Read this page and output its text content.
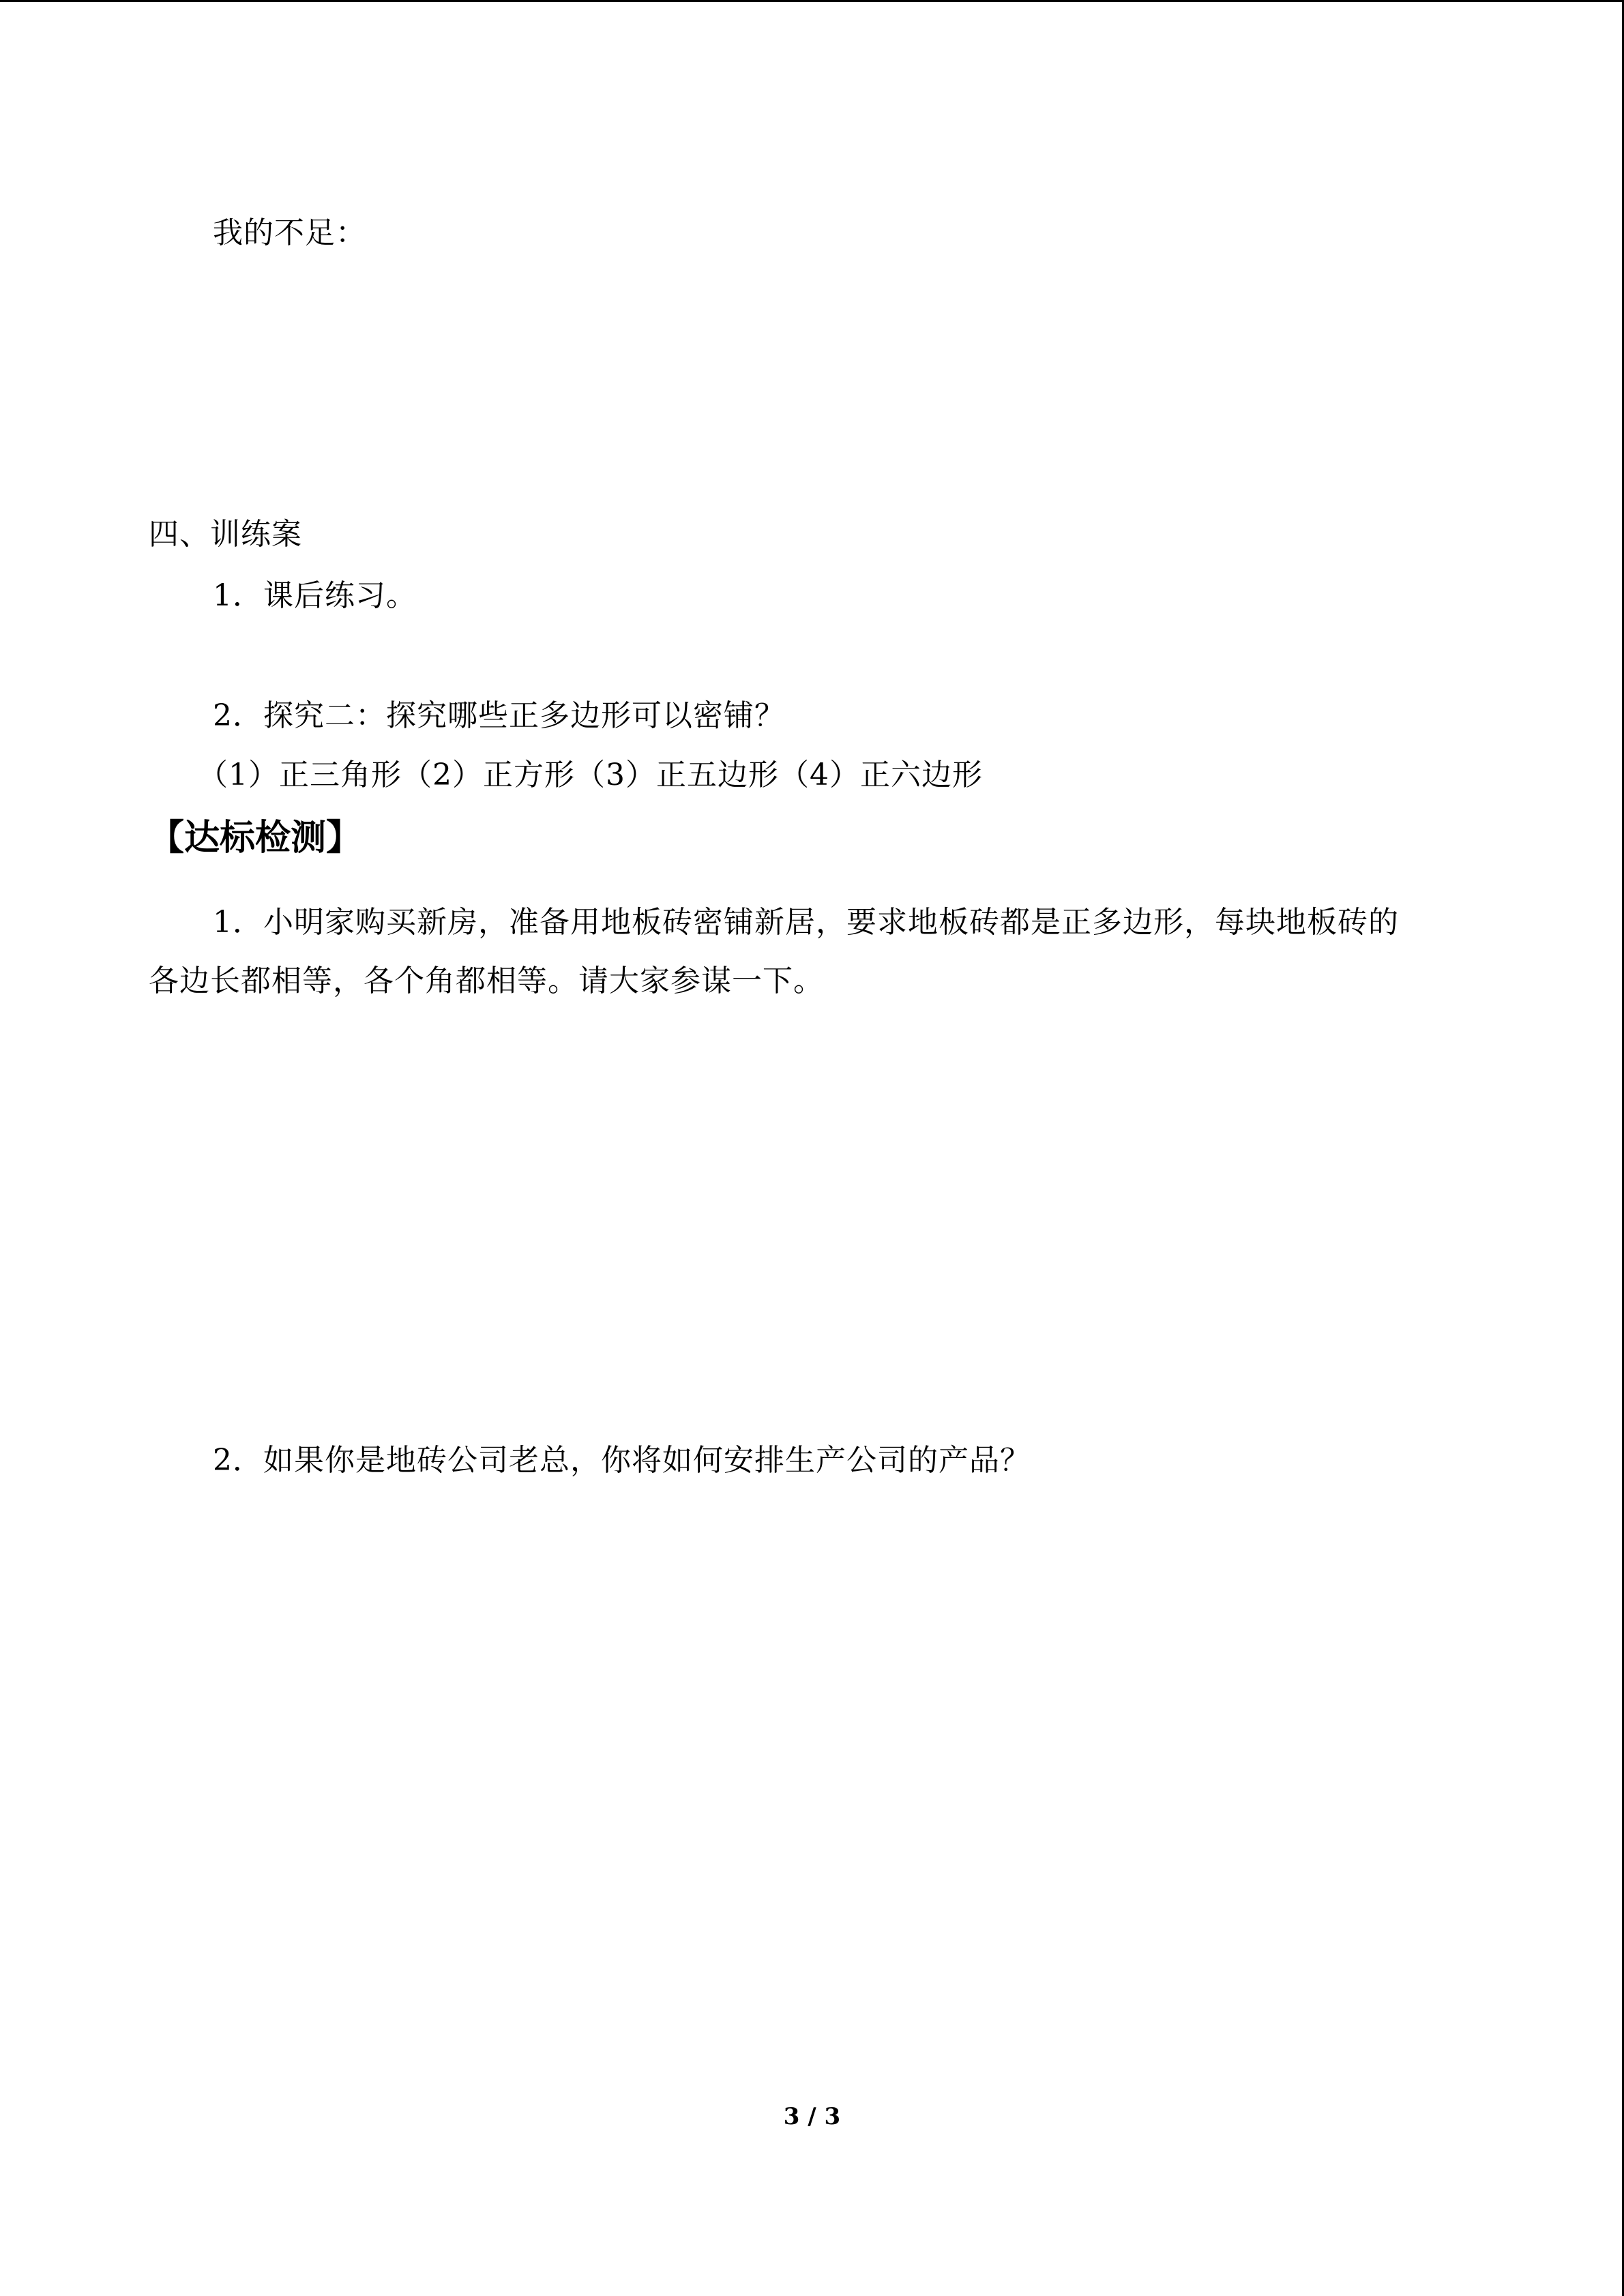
我的不足：
四、训练案
1．课后练习。
2．探究二：探究哪些正多边形可以密铺？
（1）正三角形（2）正方形（3）正五边形（4）正六边形
【达标检测】
1．小明家购买新房，准备用地板砖密铺新居，要求地板砖都是正多边形，每块地板砖的
各边长都相等，各个角都相等。请大家参谋一下。
2．如果你是地砖公司老总，你将如何安排生产公司的产品？
3 / 3
